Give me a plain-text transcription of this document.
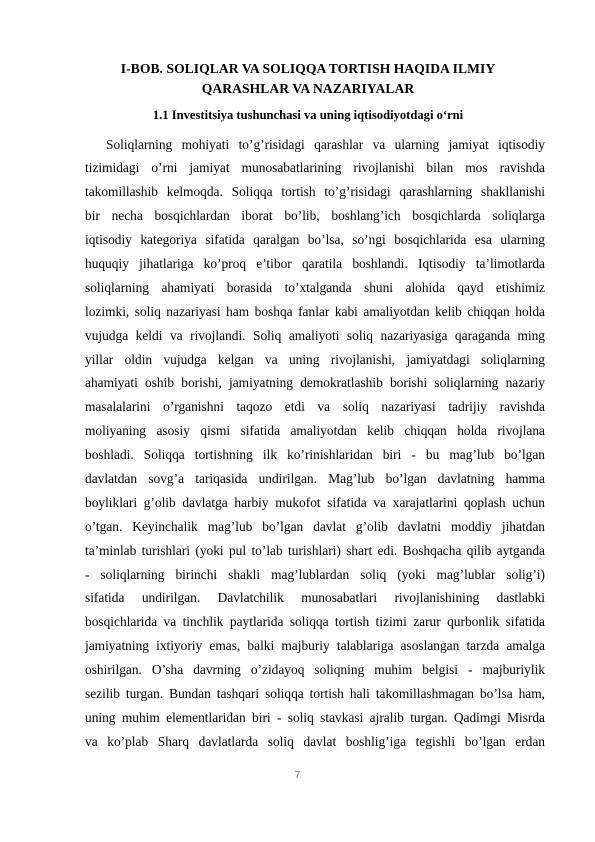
I-BOB. SOLIQLAR VA SOLIQQA TORTISH HAQIDA ILMIY
QARASHLAR VA NAZARIYALAR
1.1 Investitsiya tushunchasi va uning iqtisodiyotdagi o‘rni
Soliqlarning mohiyati to’g’risidagi qarashlar va ularning jamiyat iqtisodiy
tizimidagi o’rni jamiyat munosabatlarining rivojlanishi bilan mos ravishda
takomillashib kelmoqda. Soliqqa tortish to’g’risidagi qarashlarning shakllanishi
bir necha bosqichlardan iborat bo’lib, boshlang’ich bosqichlarda soliqlarga
iqtisodiy kategoriya sifatida qaralgan bo’lsa, so’ngi bosqichlarida esa ularning
huquqiy jihatlariga ko’proq e’tibor qaratila boshlandi. Iqtisodiy ta’limotlarda
soliqlarning ahamiyati borasida to’xtalganda shuni alohida qayd etishimiz
lozimki, soliq nazariyasi ham boshqa fanlar kabi amaliyotdan kelib chiqqan holda
vujudga keldi va rivojlandi. Soliq amaliyoti soliq nazariyasiga qaraganda ming
yillar oldin vujudga kelgan va uning rivojlanishi, jamiyatdagi soliqlarning
ahamiyati oshib borishi, jamiyatning demokratlashib borishi soliqlarning nazariy
masalalarini o’rganishni taqozo etdi va soliq nazariyasi tadrijiy ravishda
moliyaning asosiy qismi sifatida amaliyotdan kelib chiqqan holda rivojlana
boshladi. Soliqqa tortishning ilk ko’rinishlaridan biri - bu mag’lub bo’lgan
davlatdan sovg’a tariqasida undirilgan. Mag’lub bo’lgan davlatning hamma
boyliklari g’olib davlatga harbiy mukofot sifatida va xarajatlarini qoplash uchun
o’tgan. Keyinchalik mag’lub bo’lgan davlat g’olib davlatni moddiy jihatdan
ta’minlab turishlari (yoki pul to’lab turishlari) shart edi. Boshqacha qilib aytganda
- soliqlarning birinchi shakli mag’lublardan soliq (yoki mag’lublar solig’i)
sifatida undirilgan. Davlatchilik munosabatlari rivojlanishining dastlabki
bosqichlarida va tinchlik paytlarida soliqqa tortish tizimi zarur qurbonlik sifatida
jamiyatning ixtiyoriy emas, balki majburiy talablariga asoslangan tarzda amalga
oshirilgan. O’sha davrning o’zidayoq soliqning muhim belgisi - majburiylik
sezilib turgan. Bundan tashqari soliqqa tortish hali takomillashmagan bo’lsa ham,
uning muhim elementlaridan biri - soliq stavkasi ajralib turgan. Qadimgi Misrda
va ko’plab Sharq davlatlarda soliq davlat boshlig’iga tegishli bo’lgan erdan
7
